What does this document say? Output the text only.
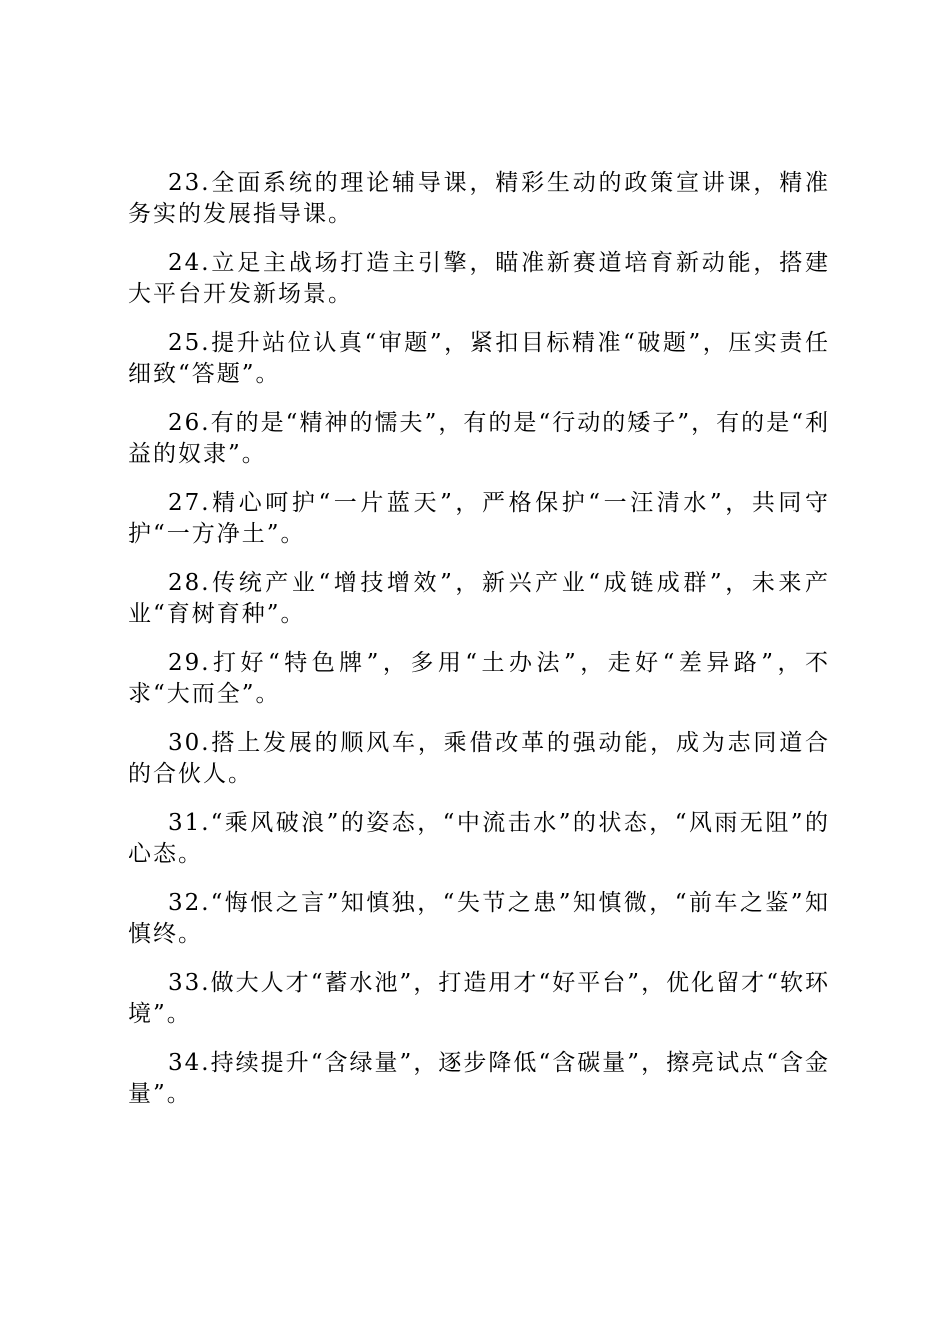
23.全面系统的理论辅导课，精彩生动的政策宣讲课，精准务实的发展指导课。

24.立足主战场打造主引擎，瞄准新赛道培育新动能，搭建大平台开发新场景。

25.提升站位认真“审题”，紧扣目标精准“破题”，压实责任细致“答题”。

26.有的是“精神的懦夫”，有的是“行动的矮子”，有的是“利益的奴隶”。

27.精心呵护“一片蓝天”，严格保护“一汪清水”，共同守护“一方净土”。

28.传统产业“增技增效”，新兴产业“成链成群”，未来产业“育树育种”。

29.打好“特色牌”，多用“土办法”，走好“差异路”，不求“大而全”。

30.搭上发展的顺风车，乘借改革的强动能，成为志同道合的合伙人。

31.“乘风破浪”的姿态，“中流击水”的状态，“风雨无阻”的心态。

32.“悔恨之言”知慎独，“失节之患”知慎微，“前车之鉴”知慎终。

33.做大人才“蓄水池”，打造用才“好平台”，优化留才“软环境”。

34.持续提升“含绿量”，逐步降低“含碳量”，擦亮试点“含金量”。
